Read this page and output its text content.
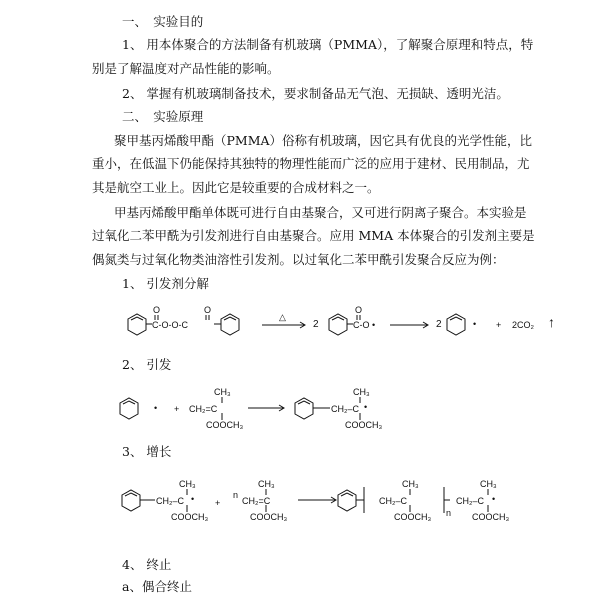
一、　实验目的
1、 用本体聚合的方法制备有机玻璃（PMMA），了解聚合原理和特点，特
别是了解温度对产品性能的影响。
2、 掌握有机玻璃制备技术，要求制备品无气泡、无损缺、透明光洁。
二、　实验原理
聚甲基丙烯酸甲酯（PMMA）俗称有机玻璃，因它具有优良的光学性能，比
重小，在低温下仍能保持其独特的物理性能而广泛的应用于建材、民用制品，尤
其是航空工业上。因此它是较重要的合成材料之一。
甲基丙烯酸甲酯单体既可进行自由基聚合，又可进行阴离子聚合。本实验是
过氧化二苯甲酰为引发剂进行自由基聚合。应用 MMA 本体聚合的引发剂主要是
偶氮类与过氧化物类油溶性引发剂。以过氧化二苯甲酰引发聚合反应为例：
1、 引发剂分解
2、 引发
3、 增长
4、 终止
a、偶合终止
C-O-O-C
O	O
△
2
O
C-O •	2	• + 2CO₂ ↑
• +
CH₃
CH₂=C
COOCH₃
CH₂–C •
CH₃
COOCH₃
CH₂–C •
CH₃
COOCH₃
+
n
CH₂=C
CH₃
COOCH₃
CH₂–C
CH₃
COOCH₃ n
CH₂–C •
CH₃
COOCH₃
